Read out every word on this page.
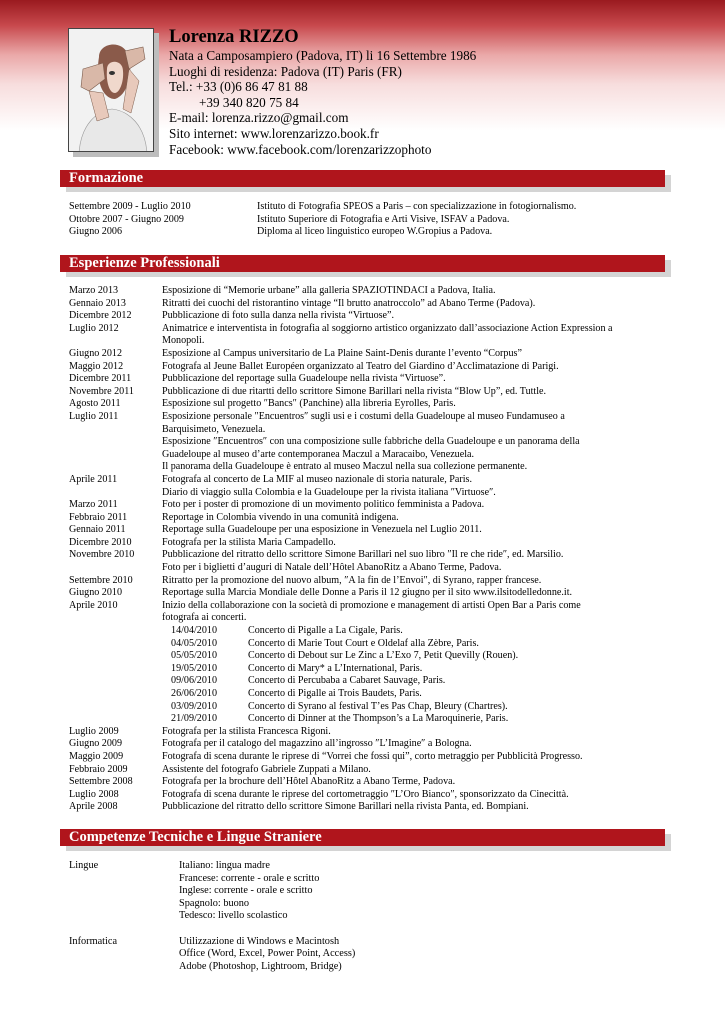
Lorenza RIZZO
Nata a Camposampiero (Padova, IT) li 16 Settembre 1986
Luoghi di residenza: Padova (IT) Paris (FR)
Tel.: +33 (0)6 86 47 81 88
+39 340 820 75 84
E-mail: lorenza.rizzo@gmail.com
Sito internet: www.lorenzarizzo.book.fr
Facebook: www.facebook.com/lorenzarizzophoto
Formazione
Settembre 2009 - Luglio 2010	Istituto di Fotografia SPEOS a Paris – con specializzazione in fotogiornalismo.
Ottobre 2007 - Giugno 2009	Istituto Superiore di Fotografia e Arti Visive, ISFAV a Padova.
Giugno 2006	Diploma al liceo linguistico europeo W.Gropius a Padova.
Esperienze Professionali
Marzo 2013	Esposizione di “Memorie urbane” alla galleria SPAZIOTINDACI a Padova, Italia.
Gennaio 2013	Ritratti dei cuochi del ristorantino vintage “Il brutto anatroccolo” ad Abano Terme (Padova).
Dicembre 2012	Pubblicazione di foto sulla danza nella rivista “Virtuose”.
Luglio 2012	Animatrice e interventista in fotografia al soggiorno artistico organizzato dall’associazione Action Expression a
Monopoli.
Giugno 2012	Esposizione al Campus universitario de La Plaine Saint-Denis durante l’evento “Corpus”
Maggio 2012	Fotografa al Jeune Ballet Européen organizzato al Teatro del Giardino d’Acclimatazione di Parigi.
Dicembre 2011	Pubblicazione del reportage sulla Guadeloupe nella rivista “Virtuose”.
Novembre 2011	Pubblicazione di due ritartti dello scrittore Simone Barillari nella rivista “Blow Up”, ed. Tuttle.
Agosto 2011	Esposizione sul progetto ″Bancs″ (Panchine) alla libreria Eyrolles, Paris.
Luglio 2011	Esposizione personale ″Encuentros″ sugli usi e i costumi della Guadeloupe al museo Fundamuseo a
Barquisimeto, Venezuela.
Esposizione ″Encuentros″ con una composizione sulle fabbriche della Guadeloupe e un panorama della
Guadeloupe al museo d’arte contemporanea Maczul a Maracaibo, Venezuela.
Il panorama della Guadeloupe è entrato al museo Maczul nella sua collezione permanente.
Aprile 2011	Fotografa al concerto de La MIF al museo nazionale di storia naturale, Paris.
Diario di viaggio sulla Colombia e la Guadeloupe per la rivista italiana ″Virtuose″.
Marzo 2011	Foto per i poster di promozione di un movimento politico femminista a Padova.
Febbraio 2011	Reportage in Colombia vivendo in una comunità indigena.
Gennaio 2011	Reportage sulla Guadeloupe per una esposizione in Venezuela nel Luglio 2011.
Dicembre 2010	Fotografa per la stilista Maria Campadello.
Novembre 2010	Pubblicazione del ritratto dello scrittore Simone Barillari nel suo libro ″Il re che ride″, ed. Marsilio.
Foto per i biglietti d’auguri di Natale dell’Hôtel AbanoRitz a Abano Terme, Padova.
Settembre 2010	Ritratto per la promozione del nuovo album, ″A la fin de l’Envoi″, di Syrano, rapper francese.
Giugno 2010	Reportage sulla Marcia Mondiale delle Donne a Paris il 12 giugno per il sito www.ilsitodelledonne.it.
Aprile 2010	Inizio della collaborazione con la società di promozione e management di artisti Open Bar a Paris come
fotografa ai concerti.
14/04/2010	Concerto di Pigalle a La Cigale, Paris.
04/05/2010	Concerto di Marie Tout Court e Oldelaf alla Zèbre, Paris.
05/05/2010	Concerto di Debout sur Le Zinc a L’Exo 7, Petit Quevilly (Rouen).
19/05/2010	Concerto di Mary* a L’International, Paris.
09/06/2010	Concerto di Percubaba a Cabaret Sauvage, Paris.
26/06/2010	Concerto di Pigalle ai Trois Baudets, Paris.
03/09/2010	Concerto di Syrano al festival T’es Pas Chap, Bleury (Chartres).
21/09/2010	Concerto di Dinner at the Thompson’s a La Maroquinerie, Paris.
Luglio 2009	Fotografa per la stilista Francesca Rigoni.
Giugno 2009	Fotografa per il catalogo del magazzino all’ingrosso ″L’Imagine″ a Bologna.
Maggio 2009	Fotografa di scena durante le riprese di “Vorrei che fossi qui”, corto metraggio per Pubblicità Progresso.
Febbraio 2009	Assistente del fotografo Gabriele Zuppati a Milano.
Settembre 2008	Fotografa per la brochure dell’Hôtel AbanoRitz a Abano Terme, Padova.
Luglio 2008	Fotografa di scena durante le riprese del cortometraggio ″L’Oro Bianco″, sponsorizzato da Cinecittà.
Aprile 2008	Pubblicazione del ritratto dello scrittore Simone Barillari nella rivista Panta, ed. Bompiani.
Competenze Tecniche e Lingue Straniere
Lingue	Italiano: lingua madre
Francese: corrente - orale e scritto
Inglese: corrente - orale e scritto
Spagnolo: buono
Tedesco: livello scolastico
Informatica	Utilizzazione di Windows e Macintosh
Office (Word, Excel, Power Point, Access)
Adobe (Photoshop, Lightroom, Bridge)
